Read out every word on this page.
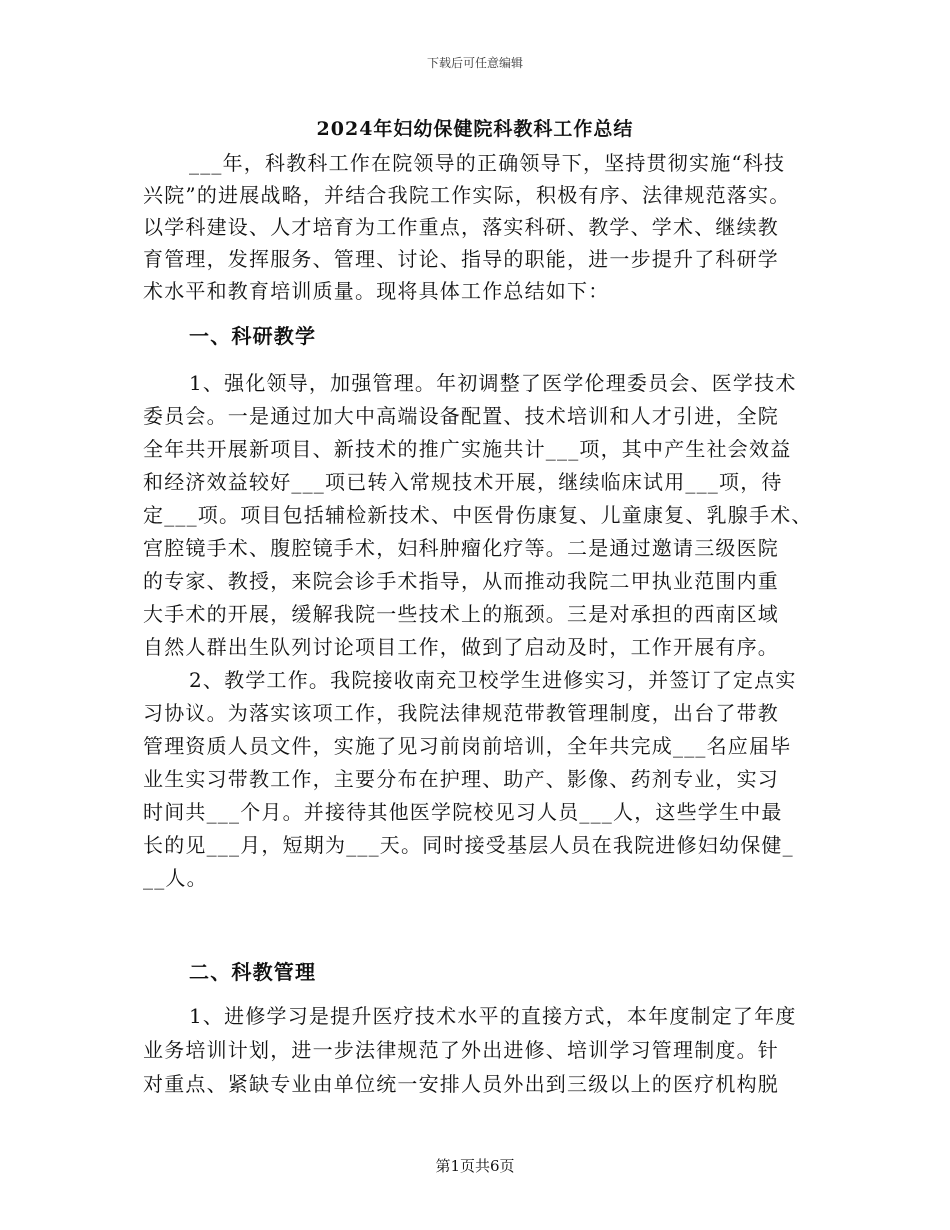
下载后可任意编辑
2024年妇幼保健院科教科工作总结
___年，科教科工作在院领导的正确领导下，坚持贯彻实施“科技
兴院”的进展战略，并结合我院工作实际，积极有序、法律规范落实。
以学科建设、人才培育为工作重点，落实科研、教学、学术、继续教
育管理，发挥服务、管理、讨论、指导的职能，进一步提升了科研学
术水平和教育培训质量。现将具体工作总结如下：
一、科研教学
1、强化领导，加强管理。年初调整了医学伦理委员会、医学技术
委员会。一是通过加大中高端设备配置、技术培训和人才引进，全院
全年共开展新项目、新技术的推广实施共计___项，其中产生社会效益
和经济效益较好___项已转入常规技术开展，继续临床试用___项，待
定___项。项目包括辅检新技术、中医骨伤康复、儿童康复、乳腺手术、
宫腔镜手术、腹腔镜手术，妇科肿瘤化疗等。二是通过邀请三级医院
的专家、教授，来院会诊手术指导，从而推动我院二甲执业范围内重
大手术的开展，缓解我院一些技术上的瓶颈。三是对承担的西南区域
自然人群出生队列讨论项目工作，做到了启动及时，工作开展有序。
2、教学工作。我院接收南充卫校学生进修实习，并签订了定点实
习协议。为落实该项工作，我院法律规范带教管理制度，出台了带教
管理资质人员文件，实施了见习前岗前培训，全年共完成___名应届毕
业生实习带教工作，主要分布在护理、助产、影像、药剂专业，实习
时间共___个月。并接待其他医学院校见习人员___人，这些学生中最
长的见___月，短期为___天。同时接受基层人员在我院进修妇幼保健_
__人。
二、科教管理
1、进修学习是提升医疗技术水平的直接方式，本年度制定了年度
业务培训计划，进一步法律规范了外出进修、培训学习管理制度。针
对重点、紧缺专业由单位统一安排人员外出到三级以上的医疗机构脱
第1页共6页
